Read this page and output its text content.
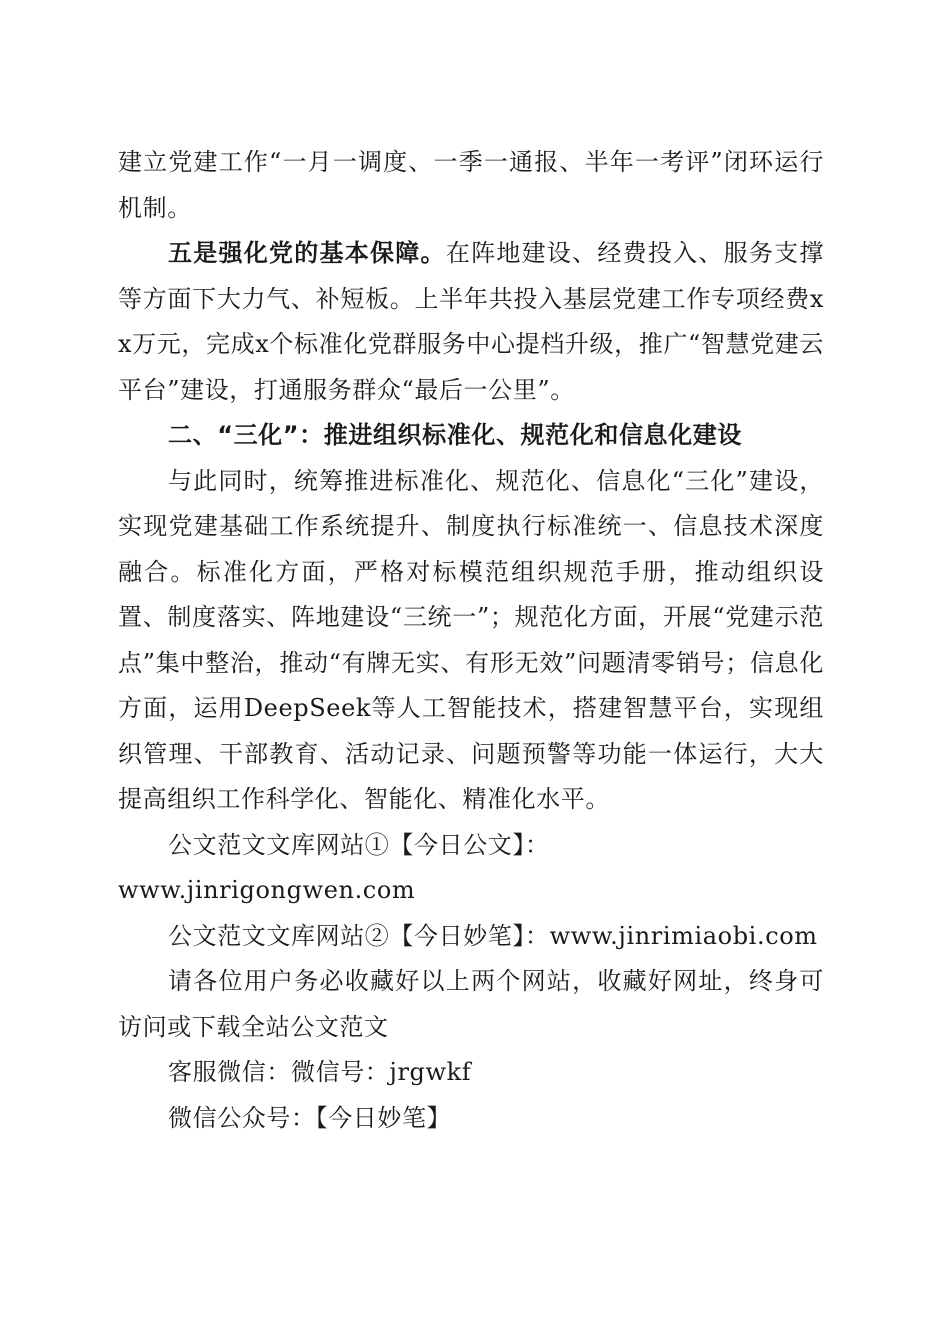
建立党建工作“一月一调度、一季一通报、半年一考评”闭环运行机制。

五是强化党的基本保障。在阵地建设、经费投入、服务支撑等方面下大力气、补短板。上半年共投入基层党建工作专项经费xx万元，完成x个标准化党群服务中心提档升级，推广“智慧党建云平台”建设，打通服务群众“最后一公里”。

二、“三化”：推进组织标准化、规范化和信息化建设

与此同时，统筹推进标准化、规范化、信息化“三化”建设，实现党建基础工作系统提升、制度执行标准统一、信息技术深度融合。标准化方面，严格对标模范组织规范手册，推动组织设置、制度落实、阵地建设“三统一”；规范化方面，开展“党建示范点”集中整治，推动“有牌无实、有形无效”问题清零销号；信息化方面，运用DeepSeek等人工智能技术，搭建智慧平台，实现组织管理、干部教育、活动记录、问题预警等功能一体运行，大大提高组织工作科学化、智能化、精准化水平。

公文范文文库网站①【今日公文】：

www.jinrigongwen.com

公文范文文库网站②【今日妙笔】：www.jinrimiaobi.com

请各位用户务必收藏好以上两个网站，收藏好网址，终身可访问或下载全站公文范文

客服微信：微信号：jrgwkf

微信公众号：【今日妙笔】
